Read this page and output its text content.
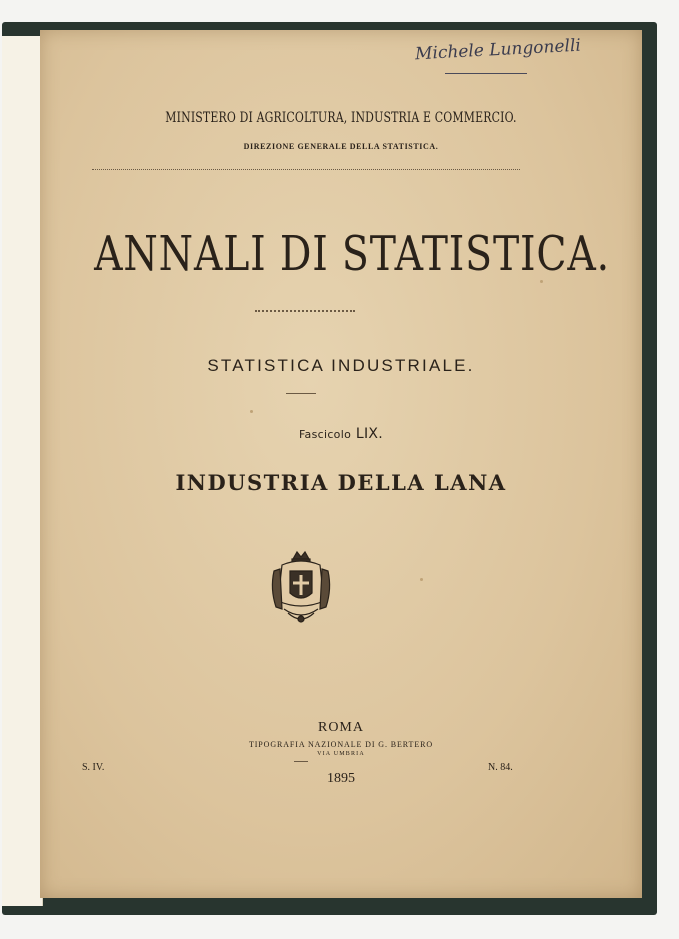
Michele Lungonelli
MINISTERO DI AGRICOLTURA, INDUSTRIA E COMMERCIO.
DIREZIONE GENERALE DELLA STATISTICA.
ANNALI DI STATISTICA.
STATISTICA INDUSTRIALE.
Fascicolo LIX.
INDUSTRIA DELLA LANA
ROMA
TIPOGRAFIA NAZIONALE DI G. BERTERO
VIA UMBRIA
S. IV.
1895
N. 84.
